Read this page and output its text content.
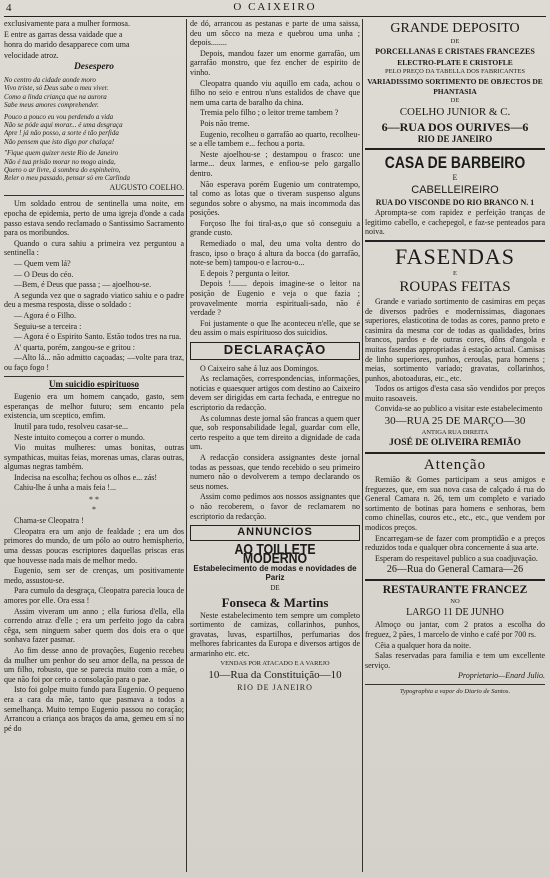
4	O CAIXEIRO

exclusivamente para a mulher formosa.

E entre as garras dessa vaidade que a

honra do marido desapparece com uma

velocidade atroz.

Desespero
No centro da cidade aonde moro
Vivo triste, só Deus sabe o meu viver.
Como a linda criança que na aurora
Sabe meus amores comprehender.
Pouco a pouco eu vou perdendo a vida
Não se póde aqui morar... é uma desgraça
Apre ! já não posso, a sorte é tão perfida
Não pensem que isto digo por chalaça!
"Fique quem quizer neste Rio de Janeiro
Não é tua prisão morar no mogo ainda,
Quero o ar livre, á sombra do espinheiro,
Reler o meu passado, pensar só em Carlinda

AUGUSTO COELHO.

Um soldado entrou de sentinella uma noite, em epocha de epidemia, perto de uma igreja d'onde a cada passo estava sendo reclamado o Santissimo Sacramento para os moribundos.

Quando o cura sahiu a primeira vez perguntou a sentinella :

— Quem vem lá?

— O Deus do céo.

—Bem, é Deus que passa ; — ajoelhou-se.

A segunda vez que o sagrado viatico sahiu e o padre deu a mesma resposta, disse o soldado :

— Agora é o Filho.

Seguiu-se a terceira :

— Agora é o Espirito Santo. Estão todos tres na rua.

A' quarta, porém, zangou-se e gritou :

—Alto lá... não admitto caçoadas; —volte para traz, ou faço fogo !

Um suicidio espirituoso

Eugenio era um homem cançado, gasto, sem esperanças de melhor futuro; sem encanto pela existencia, um sceptico, emfim.

Inutil para tudo, resolveu casar-se...

Neste intuito começou a correr o mundo.

Vio muitas mulheres: umas bonitas, outras sympathicas, muitas feias, morenas umas, claras outras, algumas negras também.

Indecisa na escolha; fechou os olhos e... zás!

Cahiu-lhe á unha a mais feia !...

* *
*

Chama-se Cleopatra !

Cleopatra era um anjo de fealdade ; era um dos primores do mundo, de um pólo ao outro hemispherio, uma dessas poucas escriptores daquellas priscas eras que houvesse nada mais de melhor medo.

Eugenio, sem ser de crenças, um positivamente medo, assustou-se.

Para cumulo da desgraça, Cleopatra parecia louca de amores por elle. Ora essa !

Assim viveram um anno ; ella furiosa d'ella, ella correndo atraz d'elle ; era um perfeito jogo da cabra cêga, sem ninguem saber quem dos dois era o que sonhava fazer pasmar.

Ao fim desse anno de provações, Eugenio recebeu da mulher um penhor do seu amor della, na pessoa de um filho, robusto, que se parecia muito com a mãe, o que não foi por certo a consolação para o pae.

Isto foi golpe muito fundo para Eugenio. O pequeno era a cara da mãe, tanto que pasmava a todos a semelhança. Muito tempo Eugenio passou no coração; Arrancou a criança aos braços da ama, gemeu em sí no pé do

de dó, arrancou as pestanas e parte de uma saissa, deu um sôcco na meza e quebrou uma unha ; depois........

Depois, mandou fazer um enorme garrafão, um garrafão monstro, que fez encher de espirito de vinho.

Cleopatra quando viu aquillo em cada, achou o filho no seio e entrou n'uns estalidos de chave que nem uma carta de baralho da china.

Tremia pelo filho ; o leitor treme tambem ?

Pois não treme.

Eugenio, recolheu o garrafão ao quarto, recolheu-se a elle tambem e... fechou a porta.

Neste ajoelhou-se ; destampou o frasco: une larme... deux larmes, e enfiou-se pelo gargallo dentro.

Não esperava porém Eugenio um contratempo, tal como as lotas que o tiveram suspenso alguns segundos sobre o abysmo, na mais incommoda das posições.

Forçoso lhe foi tiral-as,o que só conseguiu a grande custo.

Remediado o mal, deu uma volta dentro do frasco, ipso o braço á altura da bocca (do garrafão, note-se bem) tampou-o e lacrou-o...

E depois ? pergunta o leitor.

Depois !........ depois imagine-se o leitor na posição de Eugenio e veja o que fazia ; provavelmente morria espirituali-sado, não é verdade ?

Foi justamente o que lhe aconteceu n'elle, que se deu assim o mais espirituoso dos suicidios.

DECLARAÇÃO

O Caixeiro sahe á luz aos Domingos.

As reclamações, correspondencias, informações, noticias e quaesquer artigos com destino ao Caixeiro devem ser dirigidas em carta fechada, e entregue no escriptorio da redacção.

As columnas deste jornal são francas a quem quer que, sob responsabilidade legal, guardar com elle, certo respeito a que tem direito a dignidade de cada um.

A redacção considera assignantes deste jornal todas as pessoas, que tendo recebido o seu primeiro numero não o devolverem a tempo declarando os seus nomes.

Assim como pedimos aos nossos assignantes que o não recoberem, o favor de reclamarem no escriptorio da redacção.

ANNUNCIOS
AO TOILLETE MODERNO

Estabelecimento de modas e novidades de Pariz

DE

Fonseca & Martins

Neste estabelecimento tem sempre um completo sortimento de camizas, collarinhos, punhos, gravatas, luvas, espartilhos, perfumarias dos melhores fabricantes da Europa e diversos artigos de armarinho etc. etc.

VENDAS POR ATACADO E A VAREJO

10—Rua da Constituição—10

RIO DE JANEIRO

GRANDE DEPOSITO

DE

PORCELLANAS E CRISTAES FRANCEZES

ELECTRO-PLATE E CRISTOFLE

PELO PREÇO DA TABELLA DOS FABRICANTES

VARIADISSIMO SORTIMENTO DE OBJECTOS DE PHANTASIA

DE

COELHO JUNIOR & C.

6—RUA DOS OURIVES—6

RIO DE JANEIRO

CASA DE BARBEIRO

E

CABELLEIREIRO

RUA DO VISCONDE DO RIO BRANCO N. 1

Aprompta-se com rapidez e perfeição tranças de legitimo cabello, e cachepegol, e faz-se penteados para noiva.

FASENDAS

E

ROUPAS FEITAS

Grande e variado sortimento de casimiras em peças de diversos padrões e modernissimas, diagonaes superiores, elasticotina de todas as cores, panno preto e casimira da mesma cor de todas as qualidades, brins brancos, pardos e de outras cores, dôns d'angola e muitas fasendas appropriadas á estação actual. Camisas de linho superiores, punhos, ceroulas, para homens ; meias, sortimento variado; gravatas, collarinhos, punhos, abotoaduras, etc., etc.

Todos os artigos d'esta casa são vendidos por preços muito rasoaveis.

Convida-se ao publico a visitar este estabelecimento

30—RUA 25 DE MARÇO—30

ANTIGA RUA DIREITA

JOSÉ DE OLIVEIRA REMIÃO

Attenção

Remião & Gomes participam a seus amigos e freguezes, que, em sua nova casa de calçado á rua do General Camara n. 26, tem um completo e variado sortimento de botinas para homens e senhoras, bem como chinellas, couros etc., etc., etc., que vendem por modicos preços.

Encarregam-se de fazer com promptidão e a preços reduzidos toda e qualquer obra concernente á sua arte.

Esperam do respeitavel publico a sua coadjuvação.

26—Rua do General Camara—26

RESTAURANTE FRANCEZ

NO

LARGO 11 DE JUNHO

Almoço ou jantar, com 2 pratos a escolha do freguez, 2 pães, 1 marcelo de vinho e café por 700 rs.

Cêia a qualquer hora da noite.

Salas reservadas para familia e tem um excellente serviço.

Proprietario—Enard Julio.

Typographia a vapor do Diario de Santos.
